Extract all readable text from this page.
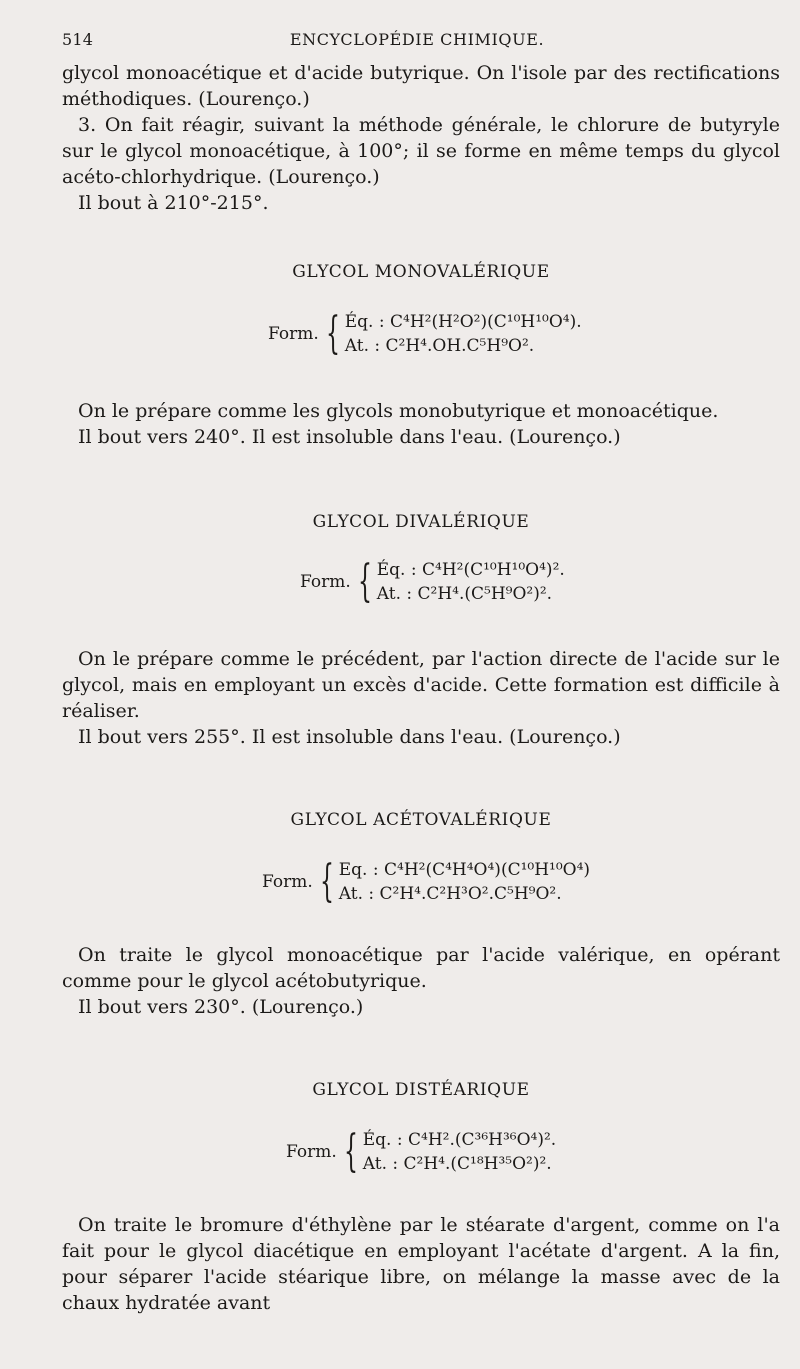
514	ENCYCLOPÉDIE CHIMIQUE.

glycol monoacétique et d'acide butyrique. On l'isole par des rectifications méthodiques. (Lourenço.)

3. On fait réagir, suivant la méthode générale, le chlorure de butyryle sur le glycol monoacétique, à 100°; il se forme en même temps du glycol acéto-chlorhydrique. (Lourenço.)

Il bout à 210°-215°.

GLYCOL MONOVALÉRIQUE
Form. { Éq. : C⁴H²(H²O²)(C¹⁰H¹⁰O⁴).
At. : C²H⁴.OH.C⁵H⁹O².

On le prépare comme les glycols monobutyrique et monoacétique.

Il bout vers 240°. Il est insoluble dans l'eau. (Lourenço.)

GLYCOL DIVALÉRIQUE
Form. { Éq. : C⁴H²(C¹⁰H¹⁰O⁴)².
At. : C²H⁴.(C⁵H⁹O²)².

On le prépare comme le précédent, par l'action directe de l'acide sur le glycol, mais en employant un excès d'acide. Cette formation est difficile à réaliser.

Il bout vers 255°. Il est insoluble dans l'eau. (Lourenço.)

GLYCOL ACÉTOVALÉRIQUE
Form. { Eq. : C⁴H²(C⁴H⁴O⁴)(C¹⁰H¹⁰O⁴)
At. : C²H⁴.C²H³O².C⁵H⁹O².

On traite le glycol monoacétique par l'acide valérique, en opérant comme pour le glycol acétobutyrique.

Il bout vers 230°. (Lourenço.)

GLYCOL DISTÉARIQUE
Form. { Éq. : C⁴H².(C³⁶H³⁶O⁴)².
At. : C²H⁴.(C¹⁸H³⁵O²)².

On traite le bromure d'éthylène par le stéarate d'argent, comme on l'a fait pour le glycol diacétique en employant l'acétate d'argent. A la fin, pour séparer l'acide stéarique libre, on mélange la masse avec de la chaux hydratée avant
